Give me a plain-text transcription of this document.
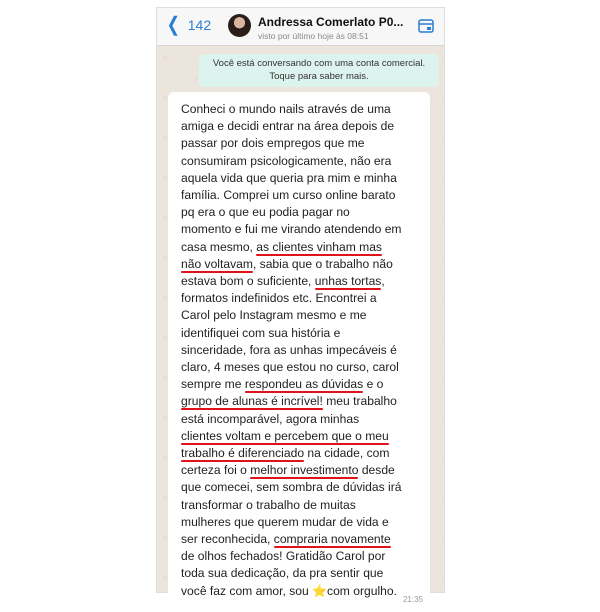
❮ 142	Andressa Comerlato P0...
visto por último hoje às 08:51
Você está conversando com uma conta comercial.
Toque para saber mais.
Conheci o mundo nails através de uma
amiga e decidi entrar na área depois de
passar por dois empregos que me
consumiram psicologicamente, não era
aquela vida que queria pra mim e minha
família. Comprei um curso online barato
pq era o que eu podia pagar no
momento e fui me virando atendendo em
casa mesmo, as clientes vinham mas
não voltavam, sabia que o trabalho não
estava bom o suficiente, unhas tortas,
formatos indefinidos etc. Encontrei a
Carol pelo Instagram mesmo e me
identifiquei com sua história e
sinceridade, fora as unhas impecáveis é
claro, 4 meses que estou no curso, carol
sempre me respondeu as dúvidas e o
grupo de alunas é incrível! meu trabalho
está incomparável, agora minhas
clientes voltam e percebem que o meu
trabalho é diferenciado na cidade, com
certeza foi o melhor investimento desde
que comecei, sem sombra de dúvidas irá
transformar o trabalho de muitas
mulheres que querem mudar de vida e
ser reconhecida, compraria novamente
de olhos fechados! Gratidão Carol por
toda sua dedicação, da pra sentir que
você faz com amor, sou ⭐com orgulho.
21:35
